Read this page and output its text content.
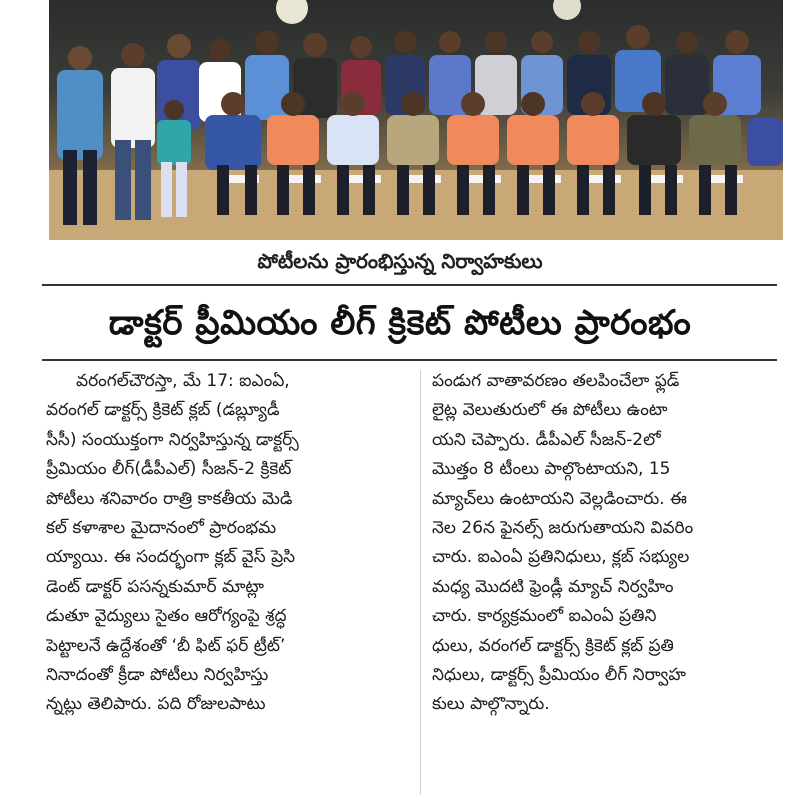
పోటీలను ప్రారంభిస్తున్న నిర్వాహకులు
డాక్టర్ ప్రీమియం లీగ్ క్రికెట్ పోటీలు ప్రారంభం
వరంగల్‌చౌరస్తా, మే 17: ఐఎంఏ,
వరంగల్ డాక్టర్స్ క్రికెట్ క్లబ్ (డబ్ల్యూడీ
సీసీ) సంయుక్తంగా నిర్వహిస్తున్న డాక్టర్స్
ప్రీమియం లీగ్(డీపీఎల్) సీజన్-2 క్రికెట్
పోటీలు శనివారం రాత్రి కాకతీయ మెడి
కల్ కళాశాల మైదానంలో ప్రారంభమ
య్యాయి. ఈ సందర్భంగా క్లబ్ వైస్ ప్రెసి
డెంట్ డాక్టర్ పసన్నకుమార్ మాట్లా
డుతూ వైద్యులు సైతం ఆరోగ్యంపై శ్రద్ధ
పెట్టాలనే ఉద్దేశంతో ‘బీ ఫిట్ ఫర్ ట్రీట్’
నినాదంతో క్రీడా పోటీలు నిర్వహిస్తు
న్నట్లు తెలిపారు. పది రోజులపాటు
పండుగ వాతావరణం తలపించేలా ఫ్లడ్
లైట్ల వెలుతురులో ఈ పోటీలు ఉంటా
యని చెప్పారు. డీపీఎల్ సీజన్-2లో
మొత్తం 8 టీంలు పాల్గొంటాయని, 15
మ్యాచ్‌లు ఉంటాయని వెల్లడించారు. ఈ
నెల 26న ఫైనల్స్ జరుగుతాయని వివరిం
చారు. ఐఎంఏ ప్రతినిధులు, క్లబ్ సభ్యుల
మధ్య మొదటి ఫ్రెండ్లీ మ్యాచ్ నిర్వహిం
చారు. కార్యక్రమంలో ఐఎంఏ ప్రతిని
ధులు, వరంగల్ డాక్టర్స్ క్రికెట్ క్లబ్ ప్రతి
నిధులు, డాక్టర్స్ ప్రీమియం లీగ్ నిర్వాహ
కులు పాల్గొన్నారు.
